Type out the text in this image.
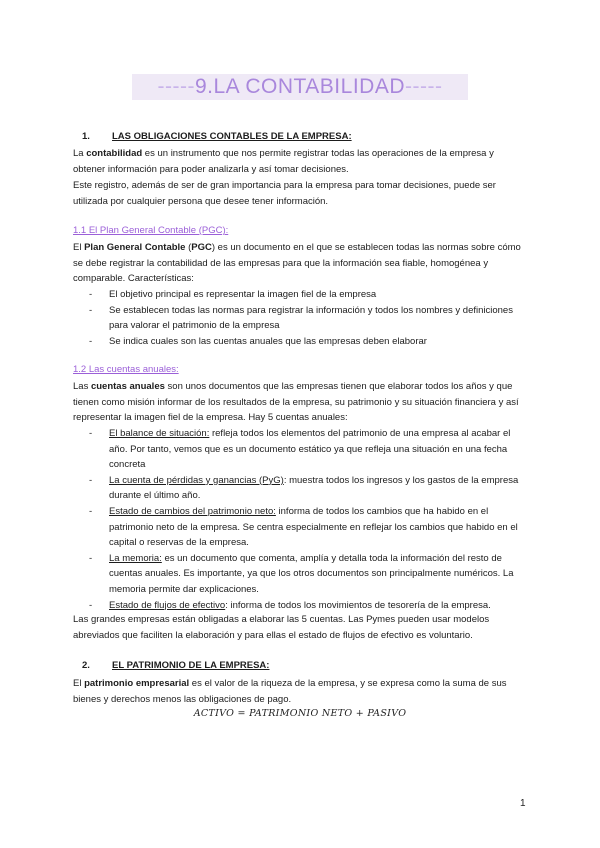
-----9.LA CONTABILIDAD-----
1. LAS OBLIGACIONES CONTABLES DE LA EMPRESA:
La contabilidad es un instrumento que nos permite registrar todas las operaciones de la empresa y obtener información para poder analizarla y así tomar decisiones.
Este registro, además de ser de gran importancia para la empresa para tomar decisiones, puede ser utilizada por cualquier persona que desee tener información.
1.1 El Plan General Contable (PGC):
El Plan General Contable (PGC) es un documento en el que se establecen todas las normas sobre cómo se debe registrar la contabilidad de las empresas para que la información sea fiable, homogénea y comparable. Características:
- El objetivo principal es representar la imagen fiel de la empresa
- Se establecen todas las normas para registrar la información y todos los nombres y definiciones para valorar el patrimonio de la empresa
- Se indica cuales son las cuentas anuales que las empresas deben elaborar
1.2 Las cuentas anuales:
Las cuentas anuales son unos documentos que las empresas tienen que elaborar todos los años y que tienen como misión informar de los resultados de la empresa, su patrimonio y su situación financiera y así representar la imagen fiel de la empresa. Hay 5 cuentas anuales:
- El balance de situación: refleja todos los elementos del patrimonio de una empresa al acabar el año. Por tanto, vemos que es un documento estático ya que refleja una situación en una fecha concreta
- La cuenta de pérdidas y ganancias (PyG): muestra todos los ingresos y los gastos de la empresa durante el último año.
- Estado de cambios del patrimonio neto: informa de todos los cambios que ha habido en el patrimonio neto de la empresa. Se centra especialmente en reflejar los cambios que habido en el capital o reservas de la empresa.
- La memoria: es un documento que comenta, amplía y detalla toda la información del resto de cuentas anuales. Es importante, ya que los otros documentos son principalmente numéricos. La memoria permite dar explicaciones.
- Estado de flujos de efectivo: informa de todos los movimientos de tesorería de la empresa.
Las grandes empresas están obligadas a elaborar las 5 cuentas. Las Pymes pueden usar modelos abreviados que faciliten la elaboración y para ellas el estado de flujos de efectivo es voluntario.
2. EL PATRIMONIO DE LA EMPRESA:
El patrimonio empresarial es el valor de la riqueza de la empresa, y se expresa como la suma de sus bienes y derechos menos las obligaciones de pago.
ACTIVO = PATRIMONIO NETO + PASIVO
1
